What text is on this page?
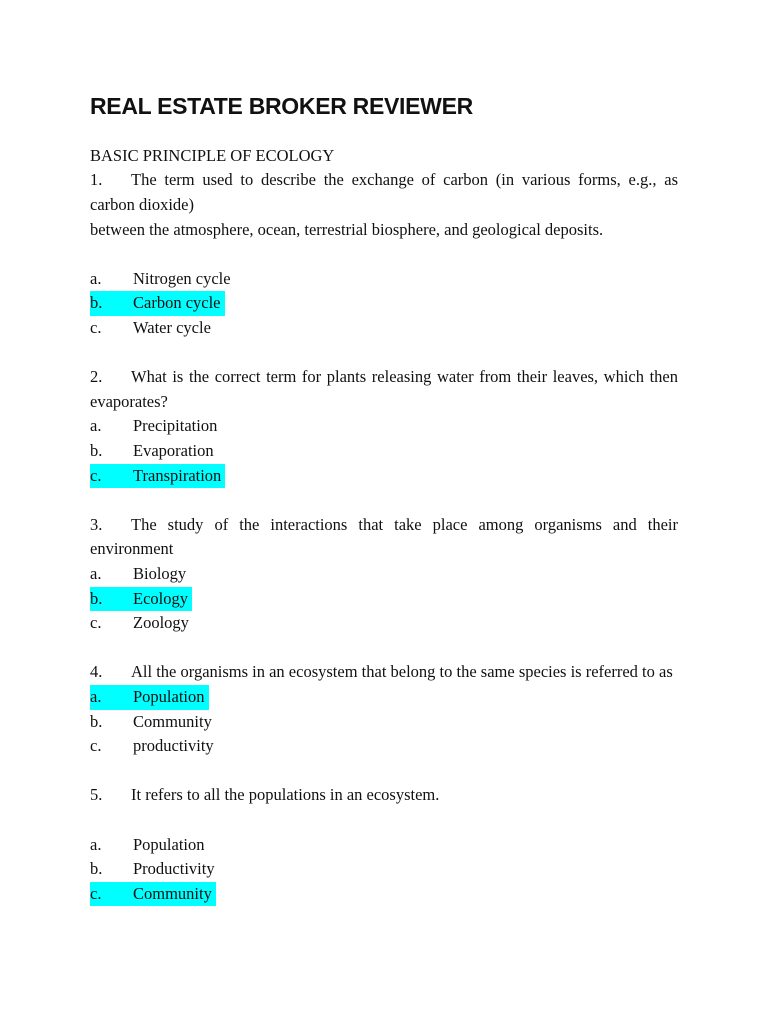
REAL ESTATE BROKER REVIEWER

BASIC PRINCIPLE OF ECOLOGY

1. The term used to describe the exchange of carbon (in various forms, e.g., as carbon dioxide)

between the atmosphere, ocean, terrestrial biosphere, and geological deposits.

a. Nitrogen cycle

b. Carbon cycle

c. Water cycle

2. What is the correct term for plants releasing water from their leaves, which then evaporates?

a. Precipitation

b. Evaporation

c. Transpiration

3. The study of the interactions that take place among organisms and their environment

a. Biology

b. Ecology

c. Zoology

4. All the organisms in an ecosystem that belong to the same species is referred to as

a. Population

b. Community

c. productivity

5. It refers to all the populations in an ecosystem.

a. Population

b. Productivity

c. Community
